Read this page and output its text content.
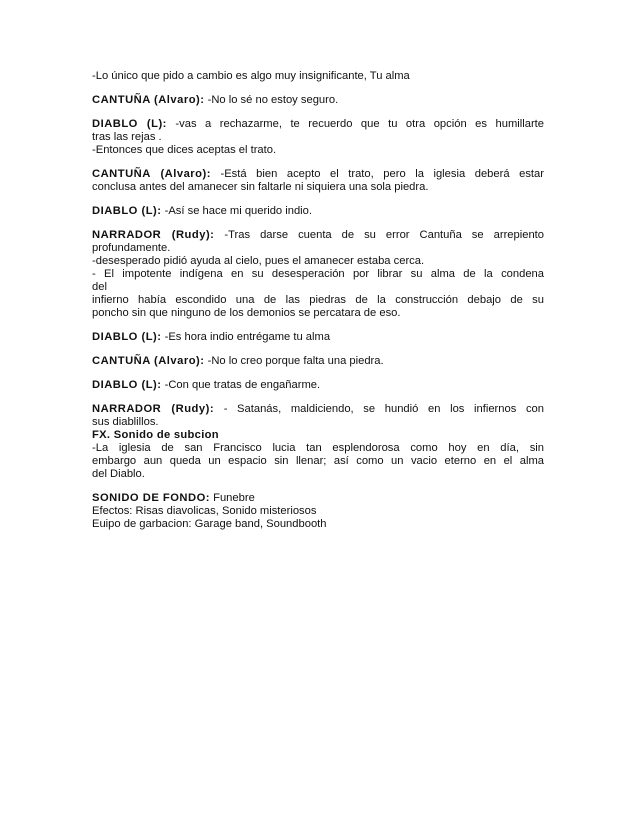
-Lo único que pido a cambio es algo muy insignificante, Tu alma

CANTUÑA (Alvaro): -No lo sé no estoy seguro.

DIABLO (L): -vas a rechazarme, te recuerdo que tu otra opción es humillarte
tras las rejas .
-Entonces que dices aceptas el trato.

CANTUÑA (Alvaro): -Está bien acepto el trato, pero la iglesia deberá estar
conclusa antes del amanecer sin faltarle ni siquiera una sola piedra.

DIABLO (L): -Así se hace mi querido indio.

NARRADOR (Rudy): -Tras darse cuenta de su error Cantuña se arrepiento
profundamente.
-desesperado pidió ayuda al cielo, pues el amanecer estaba cerca.
- El impotente indígena en su desesperación por librar su alma de la condena
del
infierno había escondido una de las piedras de la construcción debajo de su
poncho sin que ninguno de los demonios se percatara de eso.

DIABLO (L): -Es hora indio entrégame tu alma

CANTUÑA (Alvaro): -No lo creo porque falta una piedra.

DIABLO (L): -Con que tratas de engañarme.

NARRADOR (Rudy): - Satanás, maldiciendo, se hundió en los infiernos con
sus diablillos.
FX. Sonido de subcion
-La iglesia de san Francisco lucia tan esplendorosa como hoy en día, sin
embargo aun queda un espacio sin llenar; así como un vacio eterno en el alma
del Diablo.

SONIDO DE FONDO: Funebre
Efectos: Risas diavolicas, Sonido misteriosos
Euipo de garbacion: Garage band, Soundbooth
